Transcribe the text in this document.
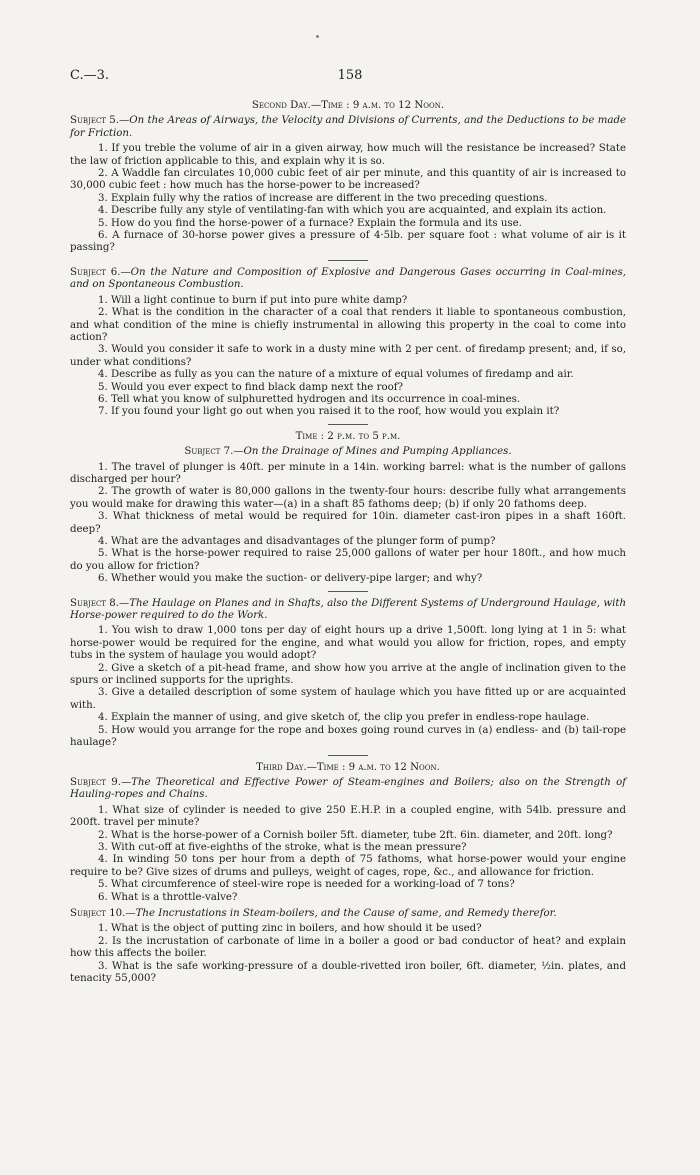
C.—3.	158

Second Day.—Time : 9 a.m. to 12 Noon.

Subject 5.—On the Areas of Airways, the Velocity and Divisions of Currents, and the Deductions to be made for Friction.

1. If you treble the volume of air in a given airway, how much will the resistance be increased? State the law of friction applicable to this, and explain why it is so.

2. A Waddle fan circulates 10,000 cubic feet of air per minute, and this quantity of air is increased to 30,000 cubic feet : how much has the horse-power to be increased?

3. Explain fully why the ratios of increase are different in the two preceding questions.

4. Describe fully any style of ventilating-fan with which you are acquainted, and explain its action.

5. How do you find the horse-power of a furnace? Explain the formula and its use.

6. A furnace of 30-horse power gives a pressure of 4·5lb. per square foot : what volume of air is it passing?

Subject 6.—On the Nature and Composition of Explosive and Dangerous Gases occurring in Coal-mines, and on Spontaneous Combustion.

1. Will a light continue to burn if put into pure white damp?

2. What is the condition in the character of a coal that renders it liable to spontaneous combustion, and what condition of the mine is chiefly instrumental in allowing this property in the coal to come into action?

3. Would you consider it safe to work in a dusty mine with 2 per cent. of firedamp present; and, if so, under what conditions?

4. Describe as fully as you can the nature of a mixture of equal volumes of firedamp and air.

5. Would you ever expect to find black damp next the roof?

6. Tell what you know of sulphuretted hydrogen and its occurrence in coal-mines.

7. If you found your light go out when you raised it to the roof, how would you explain it?

Time : 2 p.m. to 5 p.m.

Subject 7.—On the Drainage of Mines and Pumping Appliances.

1. The travel of plunger is 40ft. per minute in a 14in. working barrel: what is the number of gallons discharged per hour?

2. The growth of water is 80,000 gallons in the twenty-four hours: describe fully what arrangements you would make for drawing this water—(a) in a shaft 85 fathoms deep; (b) if only 20 fathoms deep.

3. What thickness of metal would be required for 10in. diameter cast-iron pipes in a shaft 160ft. deep?

4. What are the advantages and disadvantages of the plunger form of pump?

5. What is the horse-power required to raise 25,000 gallons of water per hour 180ft., and how much do you allow for friction?

6. Whether would you make the suction- or delivery-pipe larger; and why?

Subject 8.—The Haulage on Planes and in Shafts, also the Different Systems of Underground Haulage, with Horse-power required to do the Work.

1. You wish to draw 1,000 tons per day of eight hours up a drive 1,500ft. long lying at 1 in 5: what horse-power would be required for the engine, and what would you allow for friction, ropes, and empty tubs in the system of haulage you would adopt?

2. Give a sketch of a pit-head frame, and show how you arrive at the angle of inclination given to the spurs or inclined supports for the uprights.

3. Give a detailed description of some system of haulage which you have fitted up or are acquainted with.

4. Explain the manner of using, and give sketch of, the clip you prefer in endless-rope haulage.

5. How would you arrange for the rope and boxes going round curves in (a) endless- and (b) tail-rope haulage?

Third Day.—Time : 9 a.m. to 12 Noon.

Subject 9.—The Theoretical and Effective Power of Steam-engines and Boilers; also on the Strength of Hauling-ropes and Chains.

1. What size of cylinder is needed to give 250 E.H.P. in a coupled engine, with 54lb. pressure and 200ft. travel per minute?

2. What is the horse-power of a Cornish boiler 5ft. diameter, tube 2ft. 6in. diameter, and 20ft. long?

3. With cut-off at five-eighths of the stroke, what is the mean pressure?

4. In winding 50 tons per hour from a depth of 75 fathoms, what horse-power would your engine require to be? Give sizes of drums and pulleys, weight of cages, rope, &c., and allowance for friction.

5. What circumference of steel-wire rope is needed for a working-load of 7 tons?

6. What is a throttle-valve?

Subject 10.—The Incrustations in Steam-boilers, and the Cause of same, and Remedy therefor.

1. What is the object of putting zinc in boilers, and how should it be used?

2. Is the incrustation of carbonate of lime in a boiler a good or bad conductor of heat? and explain how this affects the boiler.

3. What is the safe working-pressure of a double-rivetted iron boiler, 6ft. diameter, ½in. plates, and tenacity 55,000?
